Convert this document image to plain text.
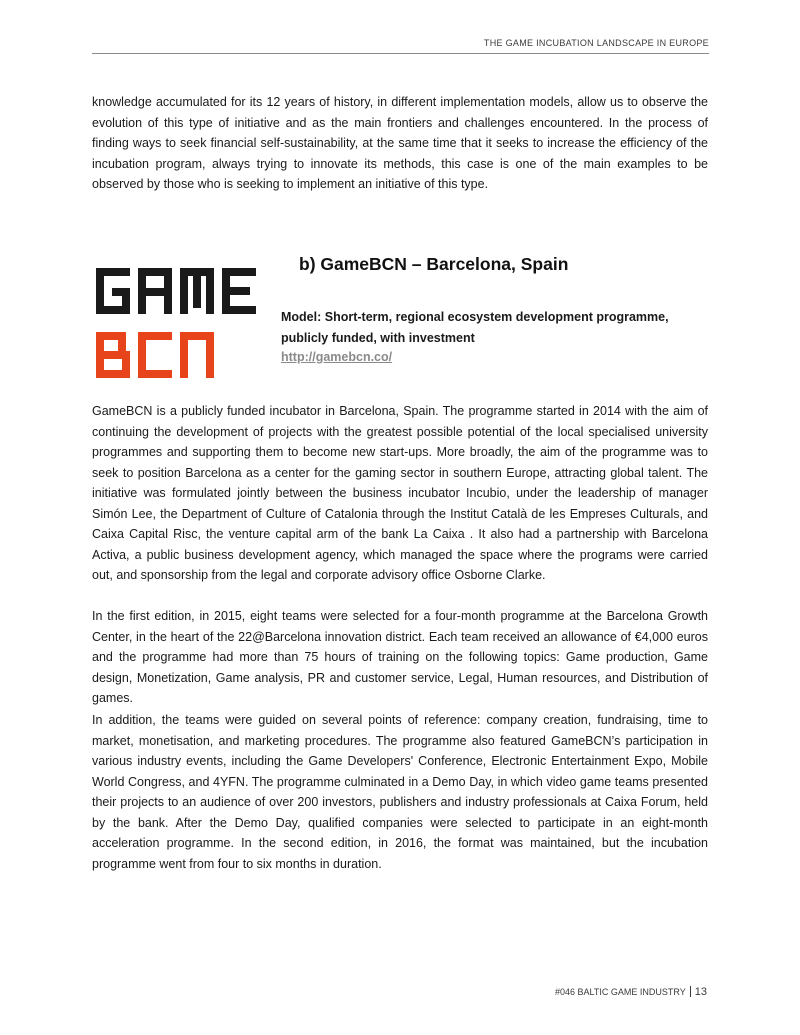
THE GAME INCUBATION LANDSCAPE IN EUROPE

knowledge accumulated for its 12 years of history, in different implementation models, allow us to observe the evolution of this type of initiative and as the main frontiers and challenges encountered. In the process of finding ways to seek financial self-sustainability, at the same time that it seeks to increase the efficiency of the incubation program, always trying to innovate its methods, this case is one of the main examples to be observed by those who is seeking to implement an initiative of this type.

b) GameBCN – Barcelona, Spain

Model: Short-term, regional ecosystem development programme, publicly funded, with investment

http://gamebcn.co/

GameBCN is a publicly funded incubator in Barcelona, Spain. The programme started in 2014 with the aim of continuing the development of projects with the greatest possible potential of the local specialised university programmes and supporting them to become new start-ups. More broadly, the aim of the programme was to seek to position Barcelona as a center for the gaming sector in southern Europe, attracting global talent. The initiative was formulated jointly between the business incubator Incubio, under the leadership of manager Simón Lee, the Department of Culture of Catalonia through the Institut Català de les Empreses Culturals, and Caixa Capital Risc, the venture capital arm of the bank La Caixa . It also had a partnership with Barcelona Activa, a public business development agency, which managed the space where the programs were carried out, and sponsorship from the legal and corporate advisory office Osborne Clarke.

In the first edition, in 2015, eight teams were selected for a four-month programme at the Barcelona Growth Center, in the heart of the 22@Barcelona innovation district. Each team received an allowance of €4,000 euros and the programme had more than 75 hours of training on the following topics: Game production, Game design, Monetization, Game analysis, PR and customer service, Legal, Human resources, and Distribution of games.

In addition, the teams were guided on several points of reference: company creation, fundraising, time to market, monetisation, and marketing procedures. The programme also featured GameBCN’s participation in various industry events, including the Game Developers' Conference, Electronic Entertainment Expo, Mobile World Congress, and 4YFN. The programme culminated in a Demo Day, in which video game teams presented their projects to an audience of over 200 investors, publishers and industry professionals at Caixa Forum, held by the bank. After the Demo Day, qualified companies were selected to participate in an eight-month acceleration programme. In the second edition, in 2016, the format was maintained, but the incubation programme went from four to six months in duration.

#046 BALTIC GAME INDUSTRY 13
